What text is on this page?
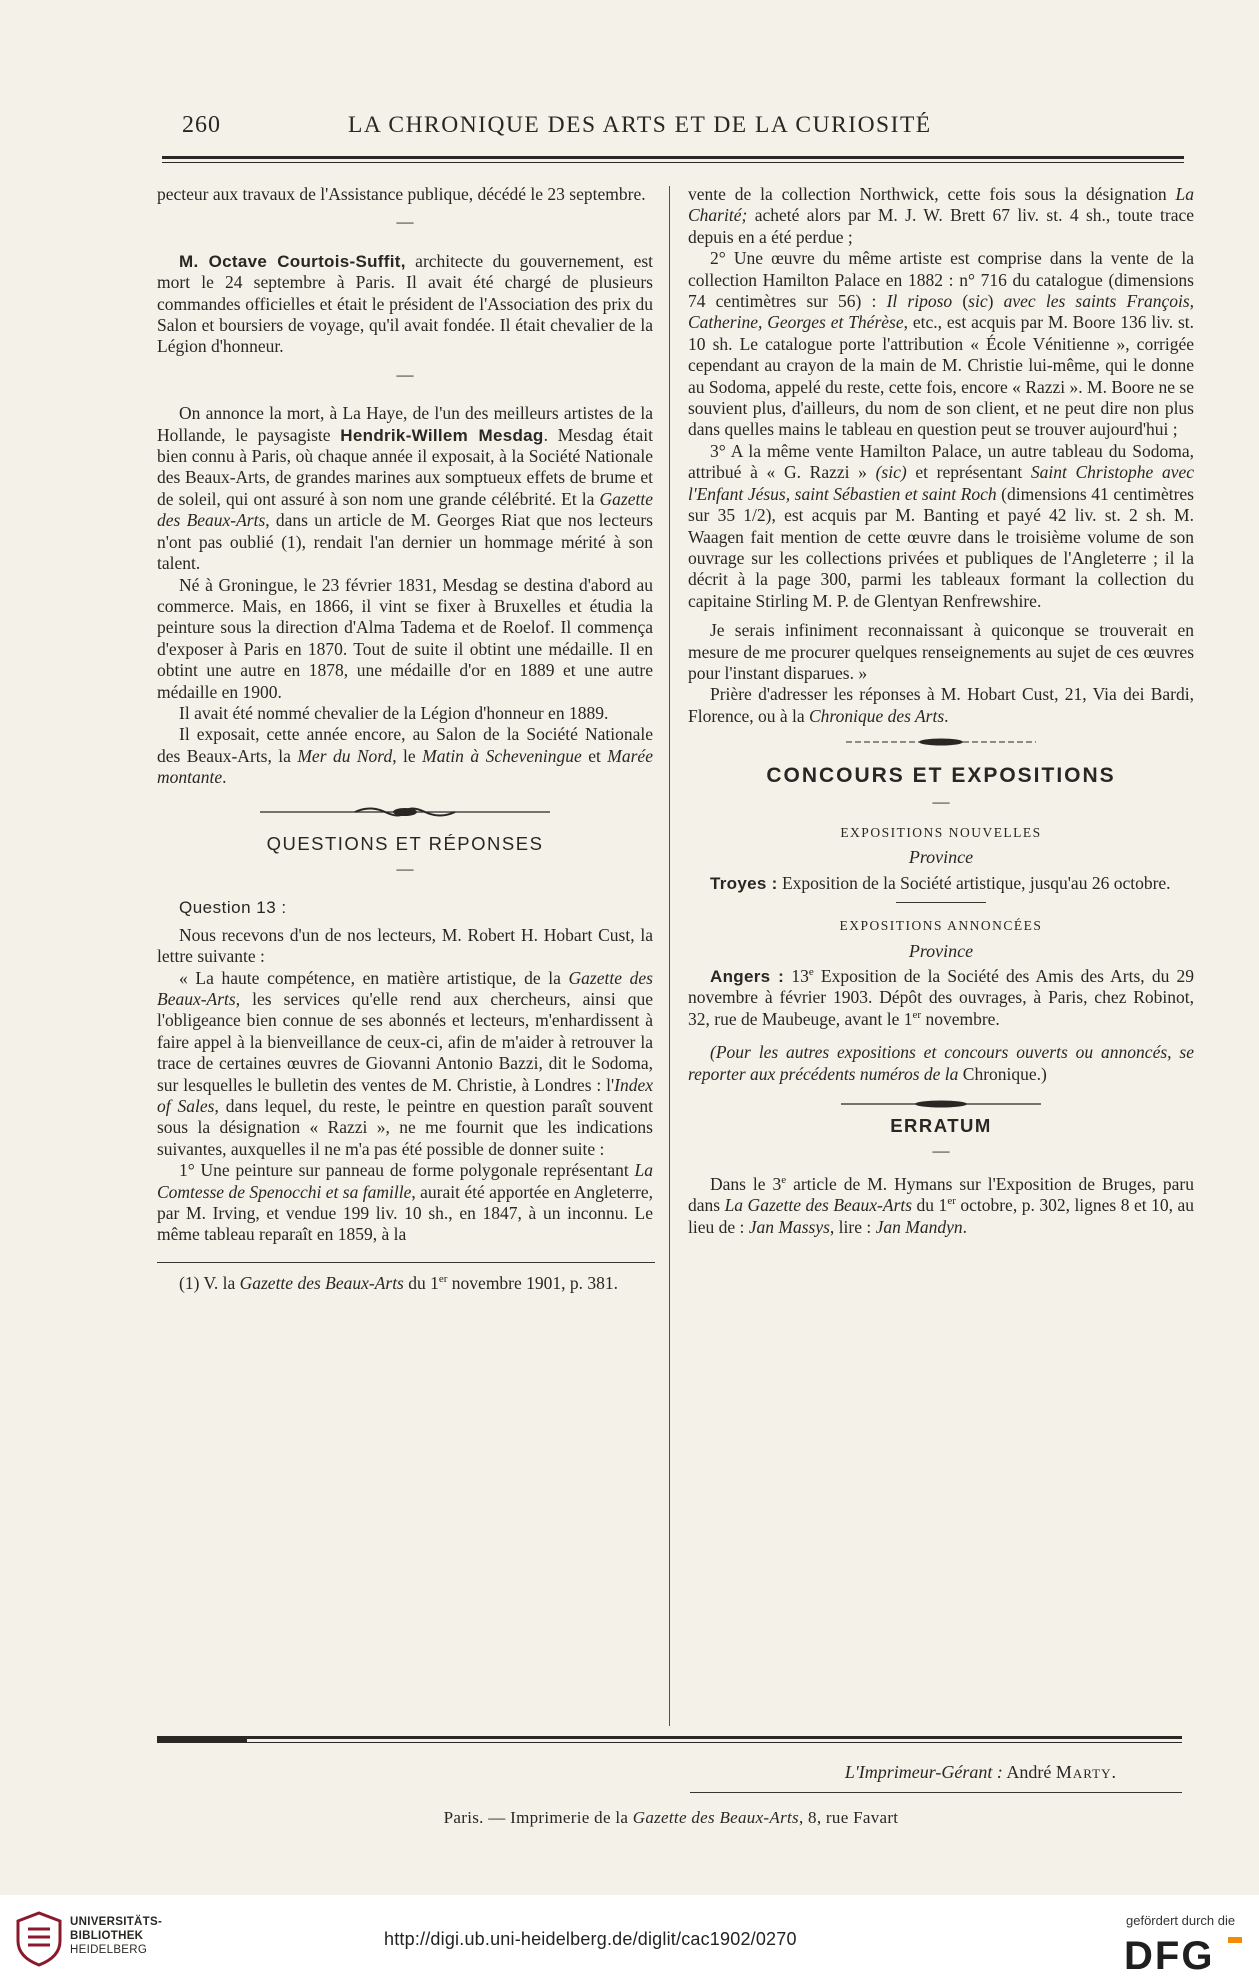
260	LA CHRONIQUE DES ARTS ET DE LA CURIOSITÉ

pecteur aux travaux de l'Assistance publique, décédé le 23 septembre.

—

M. Octave Courtois-Suffit, architecte du gouvernement, est mort le 24 septembre à Paris. Il avait été chargé de plusieurs commandes officielles et était le président de l'Association des prix du Salon et boursiers de voyage, qu'il avait fondée. Il était chevalier de la Légion d'honneur.

—

On annonce la mort, à La Haye, de l'un des meilleurs artistes de la Hollande, le paysagiste Hendrik-Willem Mesdag. Mesdag était bien connu à Paris, où chaque année il exposait, à la Société Nationale des Beaux-Arts, de grandes marines aux somptueux effets de brume et de soleil, qui ont assuré à son nom une grande célébrité. Et la Gazette des Beaux-Arts, dans un article de M. Georges Riat que nos lecteurs n'ont pas oublié (1), rendait l'an dernier un hommage mérité à son talent.

Né à Groningue, le 23 février 1831, Mesdag se destina d'abord au commerce. Mais, en 1866, il vint se fixer à Bruxelles et étudia la peinture sous la direction d'Alma Tadema et de Roelof. Il commença d'exposer à Paris en 1870. Tout de suite il obtint une médaille. Il en obtint une autre en 1878, une médaille d'or en 1889 et une autre médaille en 1900.

Il avait été nommé chevalier de la Légion d'honneur en 1889.

Il exposait, cette année encore, au Salon de la Société Nationale des Beaux-Arts, la Mer du Nord, le Matin à Scheveningue et Marée montante.

QUESTIONS ET RÉPONSES
—
Question 13 :

Nous recevons d'un de nos lecteurs, M. Robert H. Hobart Cust, la lettre suivante :

« La haute compétence, en matière artistique, de la Gazette des Beaux-Arts, les services qu'elle rend aux chercheurs, ainsi que l'obligeance bien connue de ses abonnés et lecteurs, m'enhardissent à faire appel à la bienveillance de ceux-ci, afin de m'aider à retrouver la trace de certaines œuvres de Giovanni Antonio Bazzi, dit le Sodoma, sur lesquelles le bulletin des ventes de M. Christie, à Londres : l'Index of Sales, dans lequel, du reste, le peintre en question paraît souvent sous la désignation « Razzi », ne me fournit que les indications suivantes, auxquelles il ne m'a pas été possible de donner suite :

1° Une peinture sur panneau de forme polygonale représentant La Comtesse de Spenocchi et sa famille, aurait été apportée en Angleterre, par M. Irving, et vendue 199 liv. 10 sh., en 1847, à un inconnu. Le même tableau reparaît en 1859, à la

(1) V. la Gazette des Beaux-Arts du 1er novembre 1901, p. 381.

vente de la collection Northwick, cette fois sous la désignation La Charité; acheté alors par M. J. W. Brett 67 liv. st. 4 sh., toute trace depuis en a été perdue ;

2° Une œuvre du même artiste est comprise dans la vente de la collection Hamilton Palace en 1882 : n° 716 du catalogue (dimensions 74 centimètres sur 56) : Il riposo (sic) avec les saints François, Catherine, Georges et Thérèse, etc., est acquis par M. Boore 136 liv. st. 10 sh. Le catalogue porte l'attribution « École Vénitienne », corrigée cependant au crayon de la main de M. Christie lui-même, qui le donne au Sodoma, appelé du reste, cette fois, encore « Razzi ». M. Boore ne se souvient plus, d'ailleurs, du nom de son client, et ne peut dire non plus dans quelles mains le tableau en question peut se trouver aujourd'hui ;

3° A la même vente Hamilton Palace, un autre tableau du Sodoma, attribué à « G. Razzi » (sic) et représentant Saint Christophe avec l'Enfant Jésus, saint Sébastien et saint Roch (dimensions 41 centimètres sur 35 1/2), est acquis par M. Banting et payé 42 liv. st. 2 sh. M. Waagen fait mention de cette œuvre dans le troisième volume de son ouvrage sur les collections privées et publiques de l'Angleterre ; il la décrit à la page 300, parmi les tableaux formant la collection du capitaine Stirling M. P. de Glentyan Renfrewshire.

Je serais infiniment reconnaissant à quiconque se trouverait en mesure de me procurer quelques renseignements au sujet de ces œuvres pour l'instant disparues. »

Prière d'adresser les réponses à M. Hobart Cust, 21, Via dei Bardi, Florence, ou à la Chronique des Arts.

CONCOURS ET EXPOSITIONS
—
EXPOSITIONS NOUVELLES
Province

Troyes : Exposition de la Société artistique, jusqu'au 26 octobre.

EXPOSITIONS ANNONCÉES
Province

Angers : 13e Exposition de la Société des Amis des Arts, du 29 novembre à février 1903. Dépôt des ouvrages, à Paris, chez Robinot, 32, rue de Maubeuge, avant le 1er novembre.

(Pour les autres expositions et concours ouverts ou annoncés, se reporter aux précédents numéros de la Chronique.)

ERRATUM
—

Dans le 3e article de M. Hymans sur l'Exposition de Bruges, paru dans La Gazette des Beaux-Arts du 1er octobre, p. 302, lignes 8 et 10, au lieu de : Jan Massys, lire : Jan Mandyn.

L'Imprimeur-Gérant : André Marty.
Paris. — Imprimerie de la Gazette des Beaux-Arts, 8, rue Favart
UNIVERSITÄTS-
BIBLIOTHEK
HEIDELBERG
http://digi.ub.uni-heidelberg.de/diglit/cac1902/0270
gefördert durch die
DFG
